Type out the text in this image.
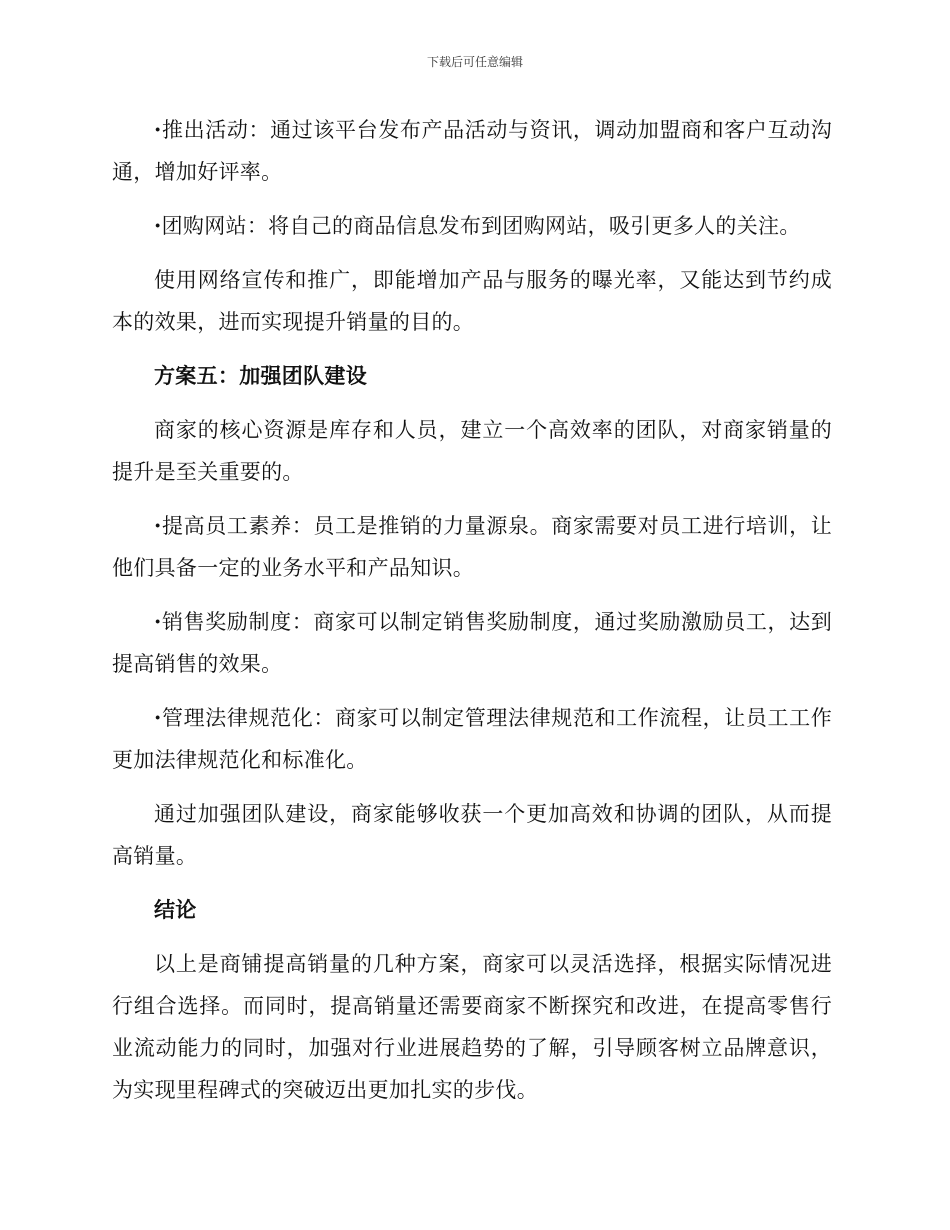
下载后可任意编辑

·推出活动：通过该平台发布产品活动与资讯，调动加盟商和客户互动沟通，增加好评率。

·团购网站：将自己的商品信息发布到团购网站，吸引更多人的关注。

使用网络宣传和推广，即能增加产品与服务的曝光率，又能达到节约成本的效果，进而实现提升销量的目的。

方案五：加强团队建设

商家的核心资源是库存和人员，建立一个高效率的团队，对商家销量的提升是至关重要的。

·提高员工素养：员工是推销的力量源泉。商家需要对员工进行培训，让他们具备一定的业务水平和产品知识。

·销售奖励制度：商家可以制定销售奖励制度，通过奖励激励员工，达到提高销售的效果。

·管理法律规范化：商家可以制定管理法律规范和工作流程，让员工工作更加法律规范化和标准化。

通过加强团队建设，商家能够收获一个更加高效和协调的团队，从而提高销量。

结论

以上是商铺提高销量的几种方案，商家可以灵活选择，根据实际情况进行组合选择。而同时，提高销量还需要商家不断探究和改进，在提高零售行业流动能力的同时，加强对行业进展趋势的了解，引导顾客树立品牌意识，为实现里程碑式的突破迈出更加扎实的步伐。
